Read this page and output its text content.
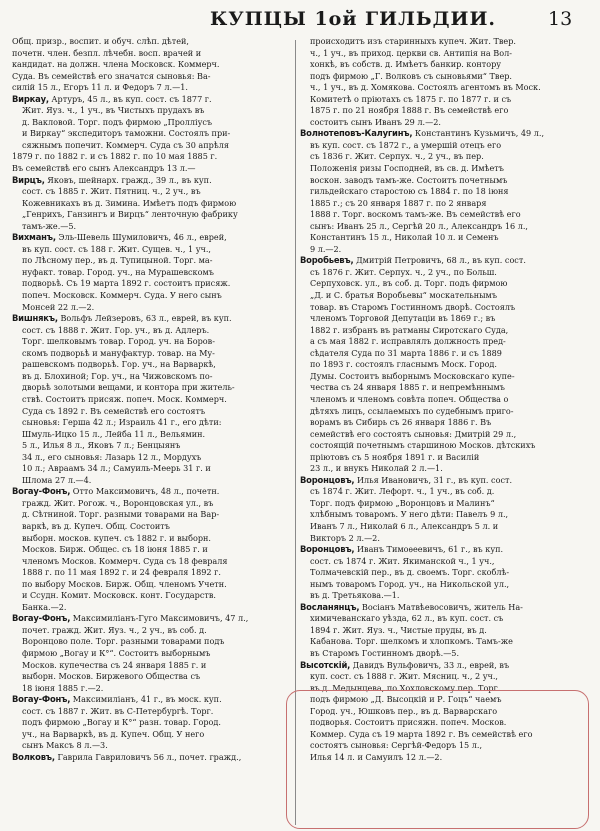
КУПЦЫ 1ой ГИЛЬДИИ.	13
Общ. призр., воспит. и обуч. слѣп. дѣтей,
почетн. член. безпл. лѣчебн. восп. врачей и
кандидат. на должн. члена Московск. Коммерч.
Суда. Въ семействѣ его значатся сыновья: Ва-
силій 15 л., Егоръ 11 л. и Федоръ 7 л.—1.
Виркау, Артуръ, 45 л., въ куп. сост. съ 1877 г.
Жит. Яуз. ч., 1 уч., въ Чистыхъ прудахъ въ
д. Вакловой. Торг. подъ фирмою „Пролліусъ
и Виркау“ экспедиторъ таможни. Состоялъ при-
сяжнымъ попечит. Коммерч. Суда съ 30 апрѣля
1879 г. по 1882 г. и съ 1882 г. по 10 мая 1885 г.
Въ семействѣ его сынъ Александръ 13 л.—
Вирцъ, Яковъ, шейнарх. гражд., 39 л., въ куп.
сост. съ 1885 г. Жит. Пятниц. ч., 2 уч., въ
Кожевникахъ въ д. Зимина. Имѣетъ подъ фирмою
„Генрихъ, Ганзингъ и Вирцъ“ ленточную фабрику
тамъ-же.—5.
Вихманъ, Эль-Шевель Шумиловичъ, 46 л., еврей,
въ куп. сост. съ 188 г. Жит. Сущев. ч., 1 уч.,
по Лѣсному пер., въ д. Тупицыной. Торг. ма-
нуфакт. товар. Город. уч., на Мурашевскомъ
подворьѣ. Съ 19 марта 1892 г. состоитъ присяж.
попеч. Московск. Коммерч. Суда. У него сынъ
Монсей 22 л.—2.
Вишнякъ, Вольфъ Лейзеровъ, 63 л., еврей, въ куп.
сост. съ 1888 г. Жит. Гор. уч., въ д. Адлеръ.
Торг. шелковымъ товар. Город. уч. на Боров-
скомъ подворьѣ и мануфактур. товар. на Му-
рашевскомъ подворьѣ. Гор. уч., на Варваркѣ,
въ д. Блохиной; Гор. уч., на Чижовскомъ по-
дворьѣ золотыми вещами, и контора при житель-
ствѣ. Состоитъ присяж. попеч. Моск. Коммерч.
Суда съ 1892 г. Въ семействѣ его состоятъ
сыновья: Герша 42 л.; Израиль 41 г., его дѣти:
Шмуль-Ицко 15 л., Лейба 11 л., Вельямин.
5 л., Илья 8 л., Яковъ 7 л.; Бенцыянъ
34 л., его сыновья: Лазарь 12 л., Мордухъ
10 л.; Авраамъ 34 л.; Самуиль-Меерь 31 г. и
Шлома 27 л.—4.
Вогау-Фонъ, Отто Максимовичъ, 48 л., почетн.
гражд. Жит. Рогож. ч., Воронцовская ул., въ
д. Сѣтниной. Торг. разными товарами на Вар-
варкѣ, въ д. Купеч. Общ. Состоитъ
выборн. москов. купеч. съ 1882 г. и выборн.
Москов. Бирж. Общес. съ 18 іюня 1885 г. и
членомъ Москов. Коммерч. Суда съ 18 февраля
1888 г. по 11 мая 1892 г. и 24 февраля 1892 г.
по выбору Москов. Бирж. Общ. членомъ Учетн.
и Ссудн. Комит. Московск. конт. Государств.
Банка.—2.
Вогау-Фонъ, Максимиліанъ-Гуго Максимовичъ, 47 л.,
почет. гражд. Жит. Яуз. ч., 2 уч., въ соб. д.
Воронцово поле. Торг. разными товарами подъ
фирмою „Вогау и К°“. Состоитъ выборнымъ
Москов. купечества съ 24 января 1885 г. и
выборн. Москов. Биржевого Общества съ
18 іюня 1885 г.—2.
Вогау-Фонъ, Максимиліанъ, 41 г., въ моск. куп.
сост. съ 1887 г. Жит. въ С-Петербургѣ. Торг.
подъ фирмою „Вогау и К°“ разн. товар. Город.
уч., на Варваркѣ, въ д. Купеч. Общ. У него
сынъ Максъ 8 л.—3.
Волковъ, Гаврила Гавриловичъ 56 л., почет. гражд.,
происходитъ изъ старинныхъ купеч. Жит. Твер.
ч., 1 уч., въ приход. церкви св. Антипія на Вол-
хонкѣ, въ собств. д. Имѣетъ банкир. контору
подъ фирмою „Г. Волковъ съ сыновьями“ Твер.
ч., 1 уч., въ д. Хомякова. Состоялъ агентомъ въ Моск.
Комитетѣ о пріютахъ съ 1875 г. по 1877 г. и съ
1875 г. по 21 ноября 1888 г. Въ семействѣ его
состоитъ сынъ Иванъ 29 л.—2.
Волнотеповъ-Калугинъ, Константинъ Кузьмичъ, 49 л.,
въ куп. сост. съ 1872 г., а умершій отецъ его
съ 1836 г. Жит. Серпух. ч., 2 уч., въ пер.
Положенія ризы Господней, въ св. д. Имѣетъ
воскон. заводъ тамъ-же. Состоитъ почетнымъ
гильдейскаго старостою съ 1884 г. по 18 іюня
1885 г.; съ 20 января 1887 г. по 2 января
1888 г. Торг. воскомъ тамъ-же. Въ семействѣ его
сынъ: Иванъ 25 л., Сергѣй 20 л., Александръ 16 л.,
Константинъ 15 л., Николай 10 л. и Семенъ
9 л.—2.
Воробьевъ, Дмитрій Петровичъ, 68 л., въ куп. сост.
съ 1876 г. Жит. Серпух. ч., 2 уч., по Больш.
Серпуховск. ул., въ соб. д. Торг. подъ фирмою
„Д. и С. братья Воробьевы“ москательнымъ
товар. въ Старомъ Гостинномъ дворѣ. Состоялъ
членомъ Торговой Депутаціи въ 1869 г.; въ
1882 г. избранъ въ ратманы Сиротскаго Суда,
а съ мая 1882 г. исправлялъ должность пред-
сѣдателя Суда по 31 марта 1886 г. и съ 1889
по 1893 г. состоялъ гласнымъ Моск. Город.
Думы. Состоитъ выборнымъ Московскаго купе-
чества съ 24 января 1885 г. и непремѣннымъ
членомъ и членомъ совѣта попеч. Общества о
дѣтяхъ лицъ, ссылаемыхъ по судебнымъ приго-
ворамъ въ Сибирь съ 26 января 1886 г. Въ
семействѣ его состоятъ сыновья: Дмитрій 29 л.,
состоящій почетнымъ старшиною Москов. дѣтскихъ
пріютовъ съ 5 ноября 1891 г. и Василій
23 л., и внукъ Николай 2 л.—1.
Воронцовъ, Илья Ивановичъ, 31 г., въ куп. сост.
съ 1874 г. Жит. Лефорт. ч., 1 уч., въ соб. д.
Торг. подъ фирмою „Воронцовъ и Малинъ“
хлѣбнымъ товаромъ. У него дѣти: Павелъ 9 л.,
Иванъ 7 л., Николай 6 л., Александръ 5 л. и
Викторъ 2 л.—2.
Воронцовъ, Иванъ Тимоѳеевичъ, 61 г., въ куп.
сост. съ 1874 г. Жит. Якиманской ч., 1 уч.,
Толмачевскій пер., въ д. своемъ. Торг. скоблѣ-
нымъ товаромъ Город. уч., на Никольской ул.,
въ д. Третьякова.—1.
Восланянцъ, Восіанъ Матвѣевосовичъ, житель На-
химичеванскаго уѣзда, 62 л., въ куп. сост. съ
1894 г. Жит. Яуз. ч., Чистые пруды, въ д.
Кабанова. Торг. шелкомъ и хлопкомъ. Тамъ-же
въ Старомъ Гостинномъ дворѣ.—5.
Высотскій, Давидъ Вульфовичъ, 33 л., еврей, въ
куп. сост. съ 1888 г. Жит. Мясниц. ч., 2 уч.,
въ д. Медынцева, по Хохловскому пер. Торг.
подъ фирмою „Д. Высоцкій и Р. Гоцъ“ чаемъ
Город. уч., Юшковъ пер., въ д. Варварскаго
подворья. Состоитъ присяжн. попеч. Москов.
Коммер. Суда съ 19 марта 1892 г. Въ семействѣ его
состоятъ сыновья: Сергѣй-Федоръ 15 л.,
Илья 14 л. и Самуилъ 12 л.—2.
